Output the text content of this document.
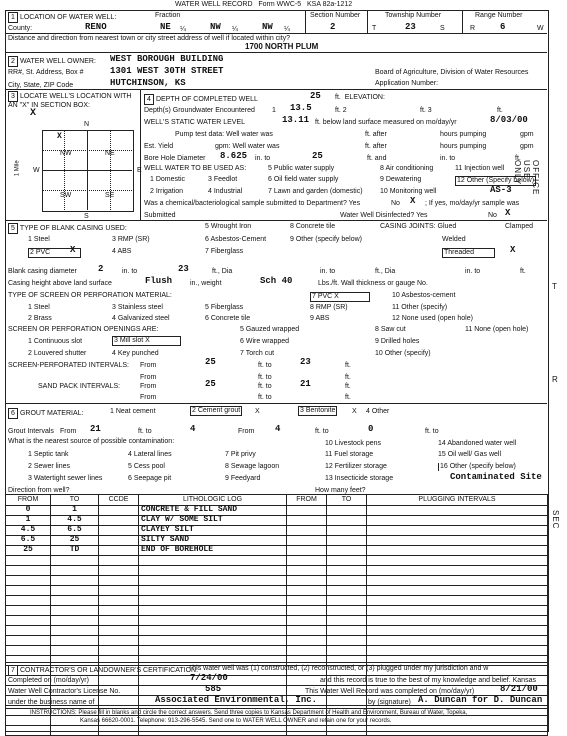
WATER WELL RECORD Form WWC-5 KSA 82a-1212
1 LOCATION OF WATER WELL:	Fraction
County:	RENO	NE ¼	NW ¼	NW ¼
Section Number
2
Township Number
T	23	S
Range Number
R	6	W
Distance and direction from nearest town or city street address of well if located within city?
1700 NORTH PLUM
2 WATER WELL OWNER: WEST BOROUGH BUILDING
RR#, St. Address, Box #	1301 WEST 30TH STREET
City, State, ZIP Code	HUTCHINSON, KS
Board of Agriculture, Division of Water Resources
Application Number:
3 LOCATE WELL'S LOCATION WITH AN "X" IN SECTION BOX:
X
N
S
W	E
NW	NE
SW	SE
1 Mile
X
4 DEPTH OF COMPLETED WELL	25 ft. ELEVATION:
Depth(s) Groundwater Encountered 1 13.5	ft. 2	ft. 3	ft.
WELL'S STATIC WATER LEVEL	13.11 ft. below land surface measured on mo/day/yr	8/03/00
Pump test data: Well water was	ft. after	hours pumping	gpm
Est. Yield	gpm: Well water was	ft. after	hours pumping	gpm
Bore Hole Diameter 8.625 in. to	25	ft. and	in. to	ft.
WELL WATER TO BE USED AS:
1 Domestic
2 Irrigation
3 Feedlot
4 Industrial
5 Public water supply
6 Oil field water supply
7 Lawn and garden (domestic)
8 Air conditioning
9 Dewatering
10 Monitoring well
11 Injection well
12 Other (Specify below)
AS-3
Was a chemical/bacteriological sample submitted to Department? Yes	No X ; If yes, mo/day/yr sample was
Submitted	Water Well Disinfected? Yes	No X
5 TYPE OF BLANK CASING USED:
1 Steel
2 PVC	X
3 RMP (SR)
4 ABS
5 Wrought Iron
6 Asbestos-Cement
7 Fiberglass
8 Concrete tile
9 Other (specify below)
CASING JOINTS: Glued	Clamped
Welded
Threaded	X
Blank casing diameter 2	in. to	23	ft., Dia	in. to	ft., Dia	in. to	ft.
Casing height above land surface	Flush	in., weight	Sch 40	Lbs./ft. Wall thickness or gauge No.
TYPE OF SCREEN OR PERFORATION MATERIAL:
1 Steel
2 Brass
3 Stainless steel
4 Galvanized steel
5 Fiberglass
6 Concrete tile
7 PVC X
8 RMP (SR)
9 ABS
10 Asbestos-cement
11 Other (specify)
12 None used (open hole)
SCREEN OR PERFORATION OPENINGS ARE:
1 Continuous slot
2 Louvered shutter
3 Mill slot X
4 Key punched
5 Gauzed wrapped
6 Wire wrapped
7 Torch cut
8 Saw cut
9 Drilled holes
10 Other (specify)
11 None (open hole)
SCREEN-PERFORATED INTERVALS: From	25	ft. to	23	ft.
From	ft. to	ft.
SAND PACK INTERVALS:	From	25	ft. to	21	ft.
From	ft. to	ft.
6 GROUT MATERIAL:	1 Neat cement	2 Cement grout X	3 Bentonite X 4 Other
Grout Intervals From 21	ft. to	4	From 4	ft. to	0	ft. to
What is the nearest source of possible contamination:
1 Septic tank
2 Sewer lines
3 Watertight sewer lines
4 Lateral lines
5 Cess pool
6 Seepage pit
7 Pit privy
8 Sewage lagoon
9 Feedyard
10 Livestock pens
11 Fuel storage
12 Fertilizer storage
13 Insecticide storage
14 Abandoned water well
15 Oil well/ Gas well
16 Other (specify below)
Contaminated Site
Direction from well?	How many feet?
FROM	TO	CCDE	LITHOLOGIC LOG	FROM	TO	PLUGGING INTERVALS
0	1		CONCRETE & FILL SAND			
1	4.5		CLAY W/ SOME SILT			
4.5	6.5		CLAYEY SILT			
6.5	25		SILTY SAND			
25	TD		END OF BOREHOLE			

7 CONTRACTOR'S OR LANDOWNER'S CERTIFICATION:
This water well was (1) constructed, (2) reconstructed, or (3) plugged under my jurisdiction and w
Completed on (mo/day/yr)	7/24/00	and this record is true to the best of my knowledge and belief. Kansas
Water Well Contractor's License No.	585	This Water Well Record was completed on (mo/day/yr)	8/21/00
under the business name of	Associated Environmental, Inc.	by (signature) A. Duncan for D. Duncan
INSTRUCTIONS: Please fill in blanks and circle the correct answers. Send three copies to Kansas Department of Health and Environment, Bureau of Water, Topeka,
Kansas 66620-0001. Telephone: 913-296-5545. Send one to WATER WELL OWNER and retain one for your records.
OFFICE USE ONLY
T
R
SEC
